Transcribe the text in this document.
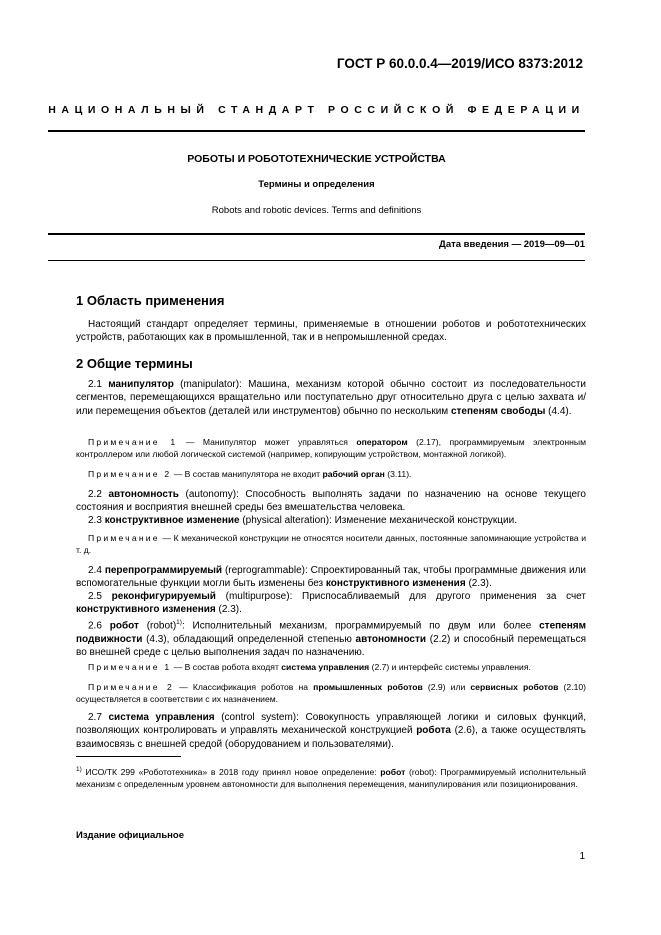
ГОСТ Р 60.0.0.4—2019/ИСО 8373:2012
НАЦИОНАЛЬНЫЙ СТАНДАРТ РОССИЙСКОЙ ФЕДЕРАЦИИ
РОБОТЫ И РОБОТОТЕХНИЧЕСКИЕ УСТРОЙСТВА
Термины и определения
Robots and robotic devices. Terms and definitions
Дата введения — 2019—09—01
1 Область применения
Настоящий стандарт определяет термины, применяемые в отношении роботов и робототехнических устройств, работающих как в промышленной, так и в непромышленной средах.
2 Общие термины
2.1 манипулятор (manipulator): Машина, механизм которой обычно состоит из последовательности сегментов, перемещающихся вращательно или поступательно друг относительно друга с целью захвата и/или перемещения объектов (деталей или инструментов) обычно по нескольким степеням свободы (4.4).
Примечание 1 — Манипулятор может управляться оператором (2.17), программируемым электронным контроллером или любой логической системой (например, копирующим устройством, монтажной логикой).
Примечание 2 — В состав манипулятора не входит рабочий орган (3.11).
2.2 автономность (autonomy): Способность выполнять задачи по назначению на основе текущего состояния и восприятия внешней среды без вмешательства человека.
2.3 конструктивное изменение (physical alteration): Изменение механической конструкции.
Примечание — К механической конструкции не относятся носители данных, постоянные запоминающие устройства и т. д.
2.4 перепрограммируемый (reprogrammable): Спроектированный так, чтобы программные движения или вспомогательные функции могли быть изменены без конструктивного изменения (2.3).
2.5 реконфигурируемый (multipurpose): Приспосабливаемый для другого применения за счет конструктивного изменения (2.3).
2.6 робот (robot)$^{1)}$: Исполнительный механизм, программируемый по двум или более степеням подвижности (4.3), обладающий определенной степенью автономности (2.2) и способный перемещаться во внешней среде с целью выполнения задач по назначению.
Примечание 1 — В состав робота входят система управления (2.7) и интерфейс системы управления.
Примечание 2 — Классификация роботов на промышленных роботов (2.9) или сервисных роботов (2.10) осуществляется в соответствии с их назначением.
2.7 система управления (control system): Совокупность управляющей логики и силовых функций, позволяющих контролировать и управлять механической конструкцией робота (2.6), а также осуществлять взаимосвязь с внешней средой (оборудованием и пользователями).
$^{1)}$ ИСО/ТК 299 «Робототехника» в 2018 году принял новое определение: робот (robot): Программируемый исполнительный механизм с определенным уровнем автономности для выполнения перемещения, манипулирования или позиционирования.
Издание официальное
1
